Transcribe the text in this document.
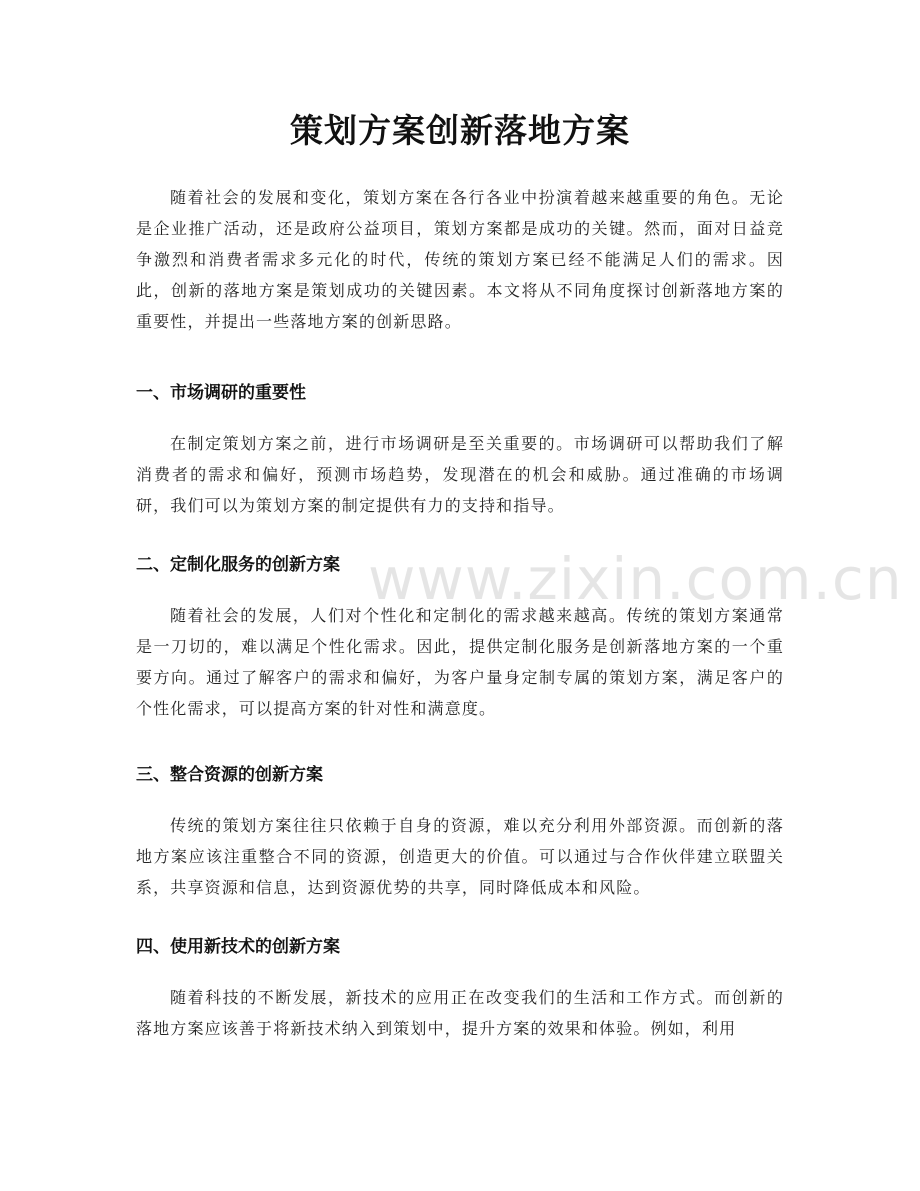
策划方案创新落地方案

随着社会的发展和变化，策划方案在各行各业中扮演着越来越重要的角色。无论是企业推广活动，还是政府公益项目，策划方案都是成功的关键。然而，面对日益竞争激烈和消费者需求多元化的时代，传统的策划方案已经不能满足人们的需求。因此，创新的落地方案是策划成功的关键因素。本文将从不同角度探讨创新落地方案的重要性，并提出一些落地方案的创新思路。

一、市场调研的重要性

在制定策划方案之前，进行市场调研是至关重要的。市场调研可以帮助我们了解消费者的需求和偏好，预测市场趋势，发现潜在的机会和威胁。通过准确的市场调研，我们可以为策划方案的制定提供有力的支持和指导。

二、定制化服务的创新方案

随着社会的发展，人们对个性化和定制化的需求越来越高。传统的策划方案通常是一刀切的，难以满足个性化需求。因此，提供定制化服务是创新落地方案的一个重要方向。通过了解客户的需求和偏好，为客户量身定制专属的策划方案，满足客户的个性化需求，可以提高方案的针对性和满意度。

三、整合资源的创新方案

传统的策划方案往往只依赖于自身的资源，难以充分利用外部资源。而创新的落地方案应该注重整合不同的资源，创造更大的价值。可以通过与合作伙伴建立联盟关系，共享资源和信息，达到资源优势的共享，同时降低成本和风险。

四、使用新技术的创新方案

随着科技的不断发展，新技术的应用正在改变我们的生活和工作方式。而创新的落地方案应该善于将新技术纳入到策划中，提升方案的效果和体验。例如，利用

www.zixin.com.cn
